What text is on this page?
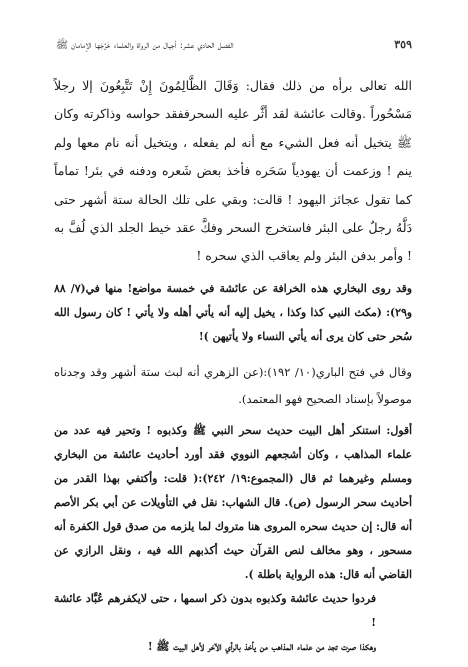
٣٥٩
الفصل الحادي عشر: أجيال من الرواة والعلماء خَرَّجَها الإمامان ﷺ

الله تعالى برأه من ذلك فقال: وَقَالَ الظَّالِمُونَ إِنْ تَتَّبِعُونَ إلا رجلاً مَسْحُوراً .وقالت عائشة لقد أثَّر عليه السحرففقد حواسه وذاكرته وكان ﷺ يتخيل أنه فعل الشيء مع أنه لم يفعله ، ويتخيل أنه نام معها ولم ينم ! وزعمت أن يهودياً سَحَره فأخذ بعض شَعره ودفنه في بئر! تماماً كما تقول عجائز اليهود ! قالت: وبقي على تلك الحالة ستة أشهر حتى دَلَّهُ رجلٌ على البئر فاستخرج السحر وفكَّ عقد خيط الجلد الذي لُفَّ به ! وأمر بدفن البئر ولم يعاقب الذي سحره !

وقد روى البخاري هذه الخرافة عن عائشة في خمسة مواضع! منها في(٧/ ٨٨ و٢٩): (مكث النبي كذا وكذا ، يخيل إليه أنه يأتي أهله ولا يأتي ! كان رسول الله سُحر حتى كان يرى أنه يأتي النساء ولا يأتيهن )!

وقال في فتح الباري(١٠/ ١٩٢):(عن الزهري أنه لبث ستة أشهر وقد وجدناه موصولاً بإسناد الصحيح فهو المعتمد).

أقول: استنكر أهل البيت حديث سحر النبي ﷺ وكذبوه ! وتحير فيه عدد من علماء المذاهب ، وكان أشجعهم النووي فقد أورد أحاديث عائشة من البخاري ومسلم وغيرهما ثم قال (المجموع:١٩/ ٢٤٢):( قلت: وأكتفي بهذا القدر من أحاديث سحر الرسول (ص). قال الشهاب: نقل في التأويلات عن أبي بكر الأصم أنه قال: إن حديث سحره المروى هنا متروك لما يلزمه من صدق قول الكفرة أنه مسحور ، وهو مخالف لنص القرآن حيث أكذبهم الله فيه ، ونقل الرازي عن القاضي أنه قال: هذه الرواية باطلة ).

فردوا حديث عائشة وكذبوه بدون ذكر اسمها ، حتى لايكفرهم عُبَّاد عائشة !

وهكذا صرت تجد من علماء المذاهب من يأخذ بالرأي الآخر لأهل البيت ﷺ !
